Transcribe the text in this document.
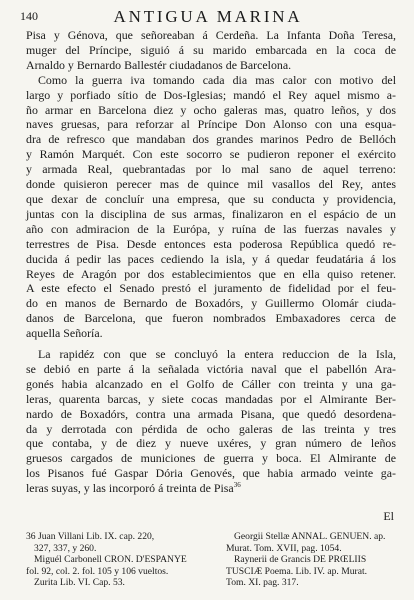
140	ANTIGUA MARINA
Pisa y Génova, que señoreaban á Cerdeña. La Infanta Doña Teresa,
muger del Príncipe, siguió á su marido embarcada en la coca de
Arnaldo y Bernardo Ballestér ciudadanos de Barcelona.
Como la guerra iva tomando cada dia mas calor con motivo del
largo y porfiado sítio de Dos-Iglesias; mandó el Rey aquel mismo a-
ño armar en Barcelona diez y ocho galeras mas, quatro leños, y dos
naves gruesas, para reforzar al Príncipe Don Alonso con una esqua-
dra de refresco que mandaban dos grandes marinos Pedro de Bellóch
y Ramón Marquét. Con este socorro se pudieron reponer el exército
y armada Real, quebrantadas por lo mal sano de aquel terreno:
donde quisieron perecer mas de quince mil vasallos del Rey, antes
que dexar de concluír una empresa, que su conducta y providencia,
juntas con la disciplina de sus armas, finalizaron en el espácio de un
año con admiracion de la Európa, y ruína de las fuerzas navales y
terrestres de Pisa. Desde entonces esta poderosa República quedó re-
ducida á pedir las paces cediendo la isla, y á quedar feudatária á los
Reyes de Aragón por dos establecimientos que en ella quiso retener.
A este efecto el Senado prestó el juramento de fidelidad por el feu-
do en manos de Bernardo de Boxadórs, y Guillermo Olomár ciuda-
danos de Barcelona, que fueron nombrados Embaxadores cerca de
aquella Señoría.
La rapidéz con que se concluyó la entera reduccion de la Isla,
se debió en parte á la señalada victória naval que el pabellón Ara-
gonés habia alcanzado en el Golfo de Cáller con treinta y una ga-
leras, quarenta barcas, y siete cocas mandadas por el Almirante Ber-
nardo de Boxadórs, contra una armada Pisana, que quedó desordena-
da y derrotada con pérdida de ocho galeras de las treinta y tres
que contaba, y de diez y nueve uxéres, y gran número de leños
gruesos cargados de municiones de guerra y boca. El Almirante de
los Pisanos fué Gaspar Dória Genovés, que habia armado veinte ga-
leras suyas, y las incorporó á treinta de Pisa$^{36}$
El
36 Juan Villani Lib. IX. cap. 220,
327, 337, y 260.
Miguél Carbonell CRON. D'ESPANYE
fol. 92, col. 2. fol. 105 y 106 vueltos.
Zurita Lib. VI. Cap. 53.
Georgii Stellæ ANNAL. GENUEN. ap.
Murat. Tom. XVII, pag. 1054.
Raynerii de Grancis DE PRŒLIIS
TUSCIÆ Poema. Lib. IV. ap. Murat.
Tom. XI. pag. 317.
